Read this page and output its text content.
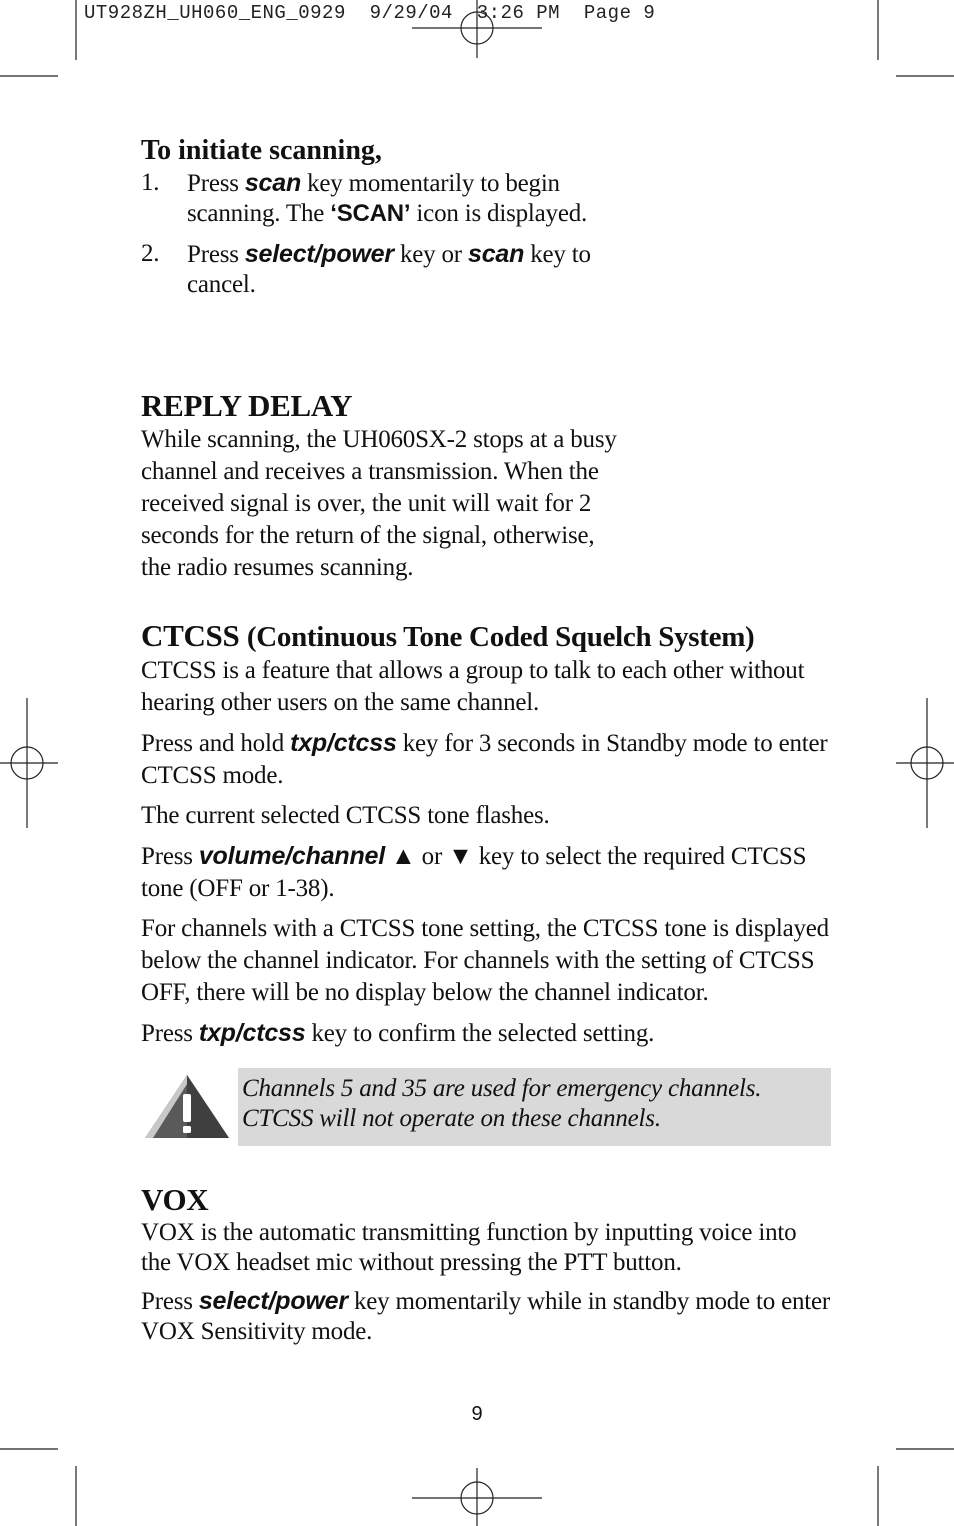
UT928ZH_UH060_ENG_0929  9/29/04  3:26 PM  Page 9
To initiate scanning,
1.	Press scan key momentarily to begin scanning. The ‘SCAN’ icon is displayed.
2.	Press select/power key or scan key to cancel.
REPLY DELAY

While scanning, the UH060SX-2 stops at a busy channel and receives a transmission. When the received signal is over, the unit will wait for 2 seconds for the return of the signal, otherwise, the radio resumes scanning.

CTCSS (Continuous Tone Coded Squelch System)

CTCSS is a feature that allows a group to talk to each other without hearing other users on the same channel.

Press and hold txp/ctcss key for 3 seconds in Standby mode to enter CTCSS mode.

The current selected CTCSS tone flashes.

Press volume/channel ▲ or ▼ key to select the required CTCSS tone (OFF or 1-38).

For channels with a CTCSS tone setting, the CTCSS tone is displayed below the channel indicator. For channels with the setting of CTCSS OFF, there will be no display below the channel indicator.

Press txp/ctcss key to confirm the selected setting.

Channels 5 and 35 are used for emergency channels.
CTCSS will not operate on these channels.
VOX

VOX is the automatic transmitting function by inputting voice into the VOX headset mic without pressing the PTT button.

Press select/power key momentarily while in standby mode to enter VOX Sensitivity mode.

9
